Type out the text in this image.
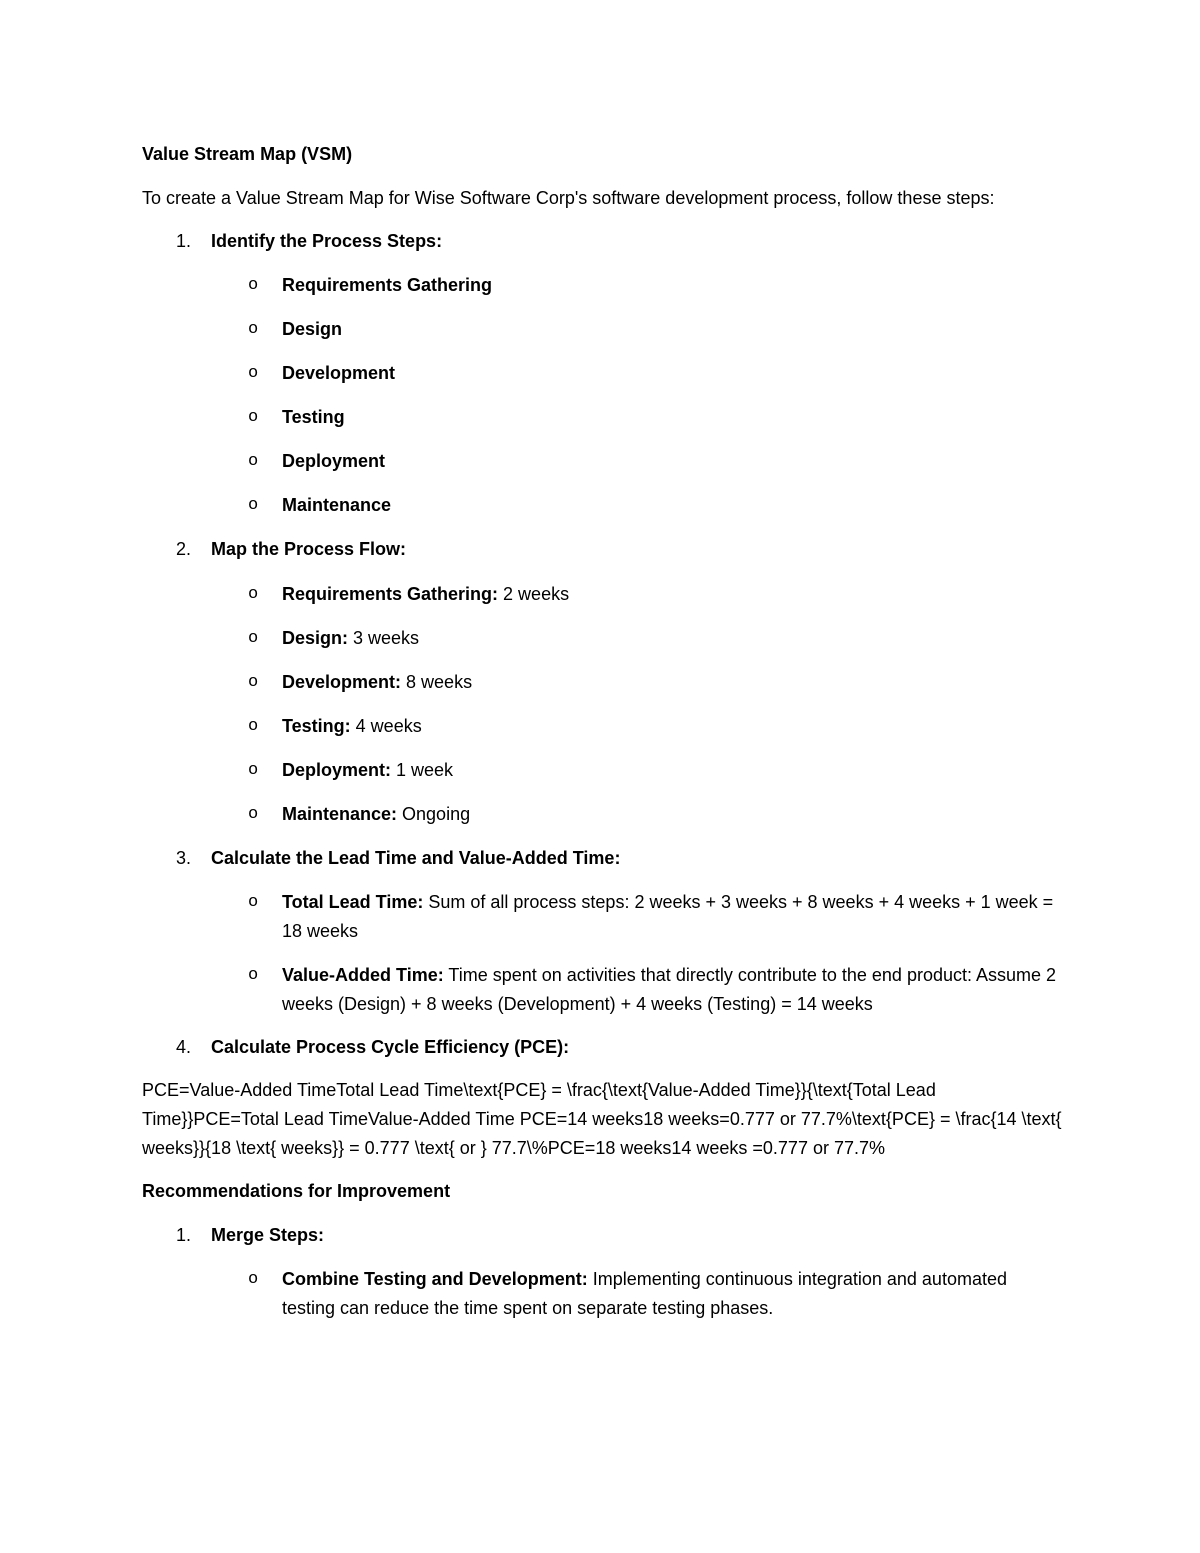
Value Stream Map (VSM)

To create a Value Stream Map for Wise Software Corp's software development process, follow these steps:
1. Identify the Process Steps:
o Requirements Gathering
o Design
o Development
o Testing
o Deployment
o Maintenance
2. Map the Process Flow:
o Requirements Gathering: 2 weeks
o Design: 3 weeks
o Development: 8 weeks
o Testing: 4 weeks
o Deployment: 1 week
o Maintenance: Ongoing
3. Calculate the Lead Time and Value-Added Time:
o Total Lead Time: Sum of all process steps: 2 weeks + 3 weeks + 8 weeks + 4 weeks + 1 week = 18 weeks
o Value-Added Time: Time spent on activities that directly contribute to the end product: Assume 2 weeks (Design) + 8 weeks (Development) + 4 weeks (Testing) = 14 weeks
4. Calculate Process Cycle Efficiency (PCE):
PCE=Value-Added TimeTotal Lead Time\text{PCE} = \frac{\text{Value-Added Time}}{\text{Total Lead Time}}PCE=Total Lead TimeValue-Added Time PCE=14 weeks18 weeks=0.777 or 77.7%\text{PCE} = \frac{14 \text{ weeks}}{18 \text{ weeks}} = 0.777 \text{ or } 77.7\%PCE=18 weeks14 weeks =0.777 or 77.7%

Recommendations for Improvement

1. Merge Steps:
o Combine Testing and Development: Implementing continuous integration and automated testing can reduce the time spent on separate testing phases.
